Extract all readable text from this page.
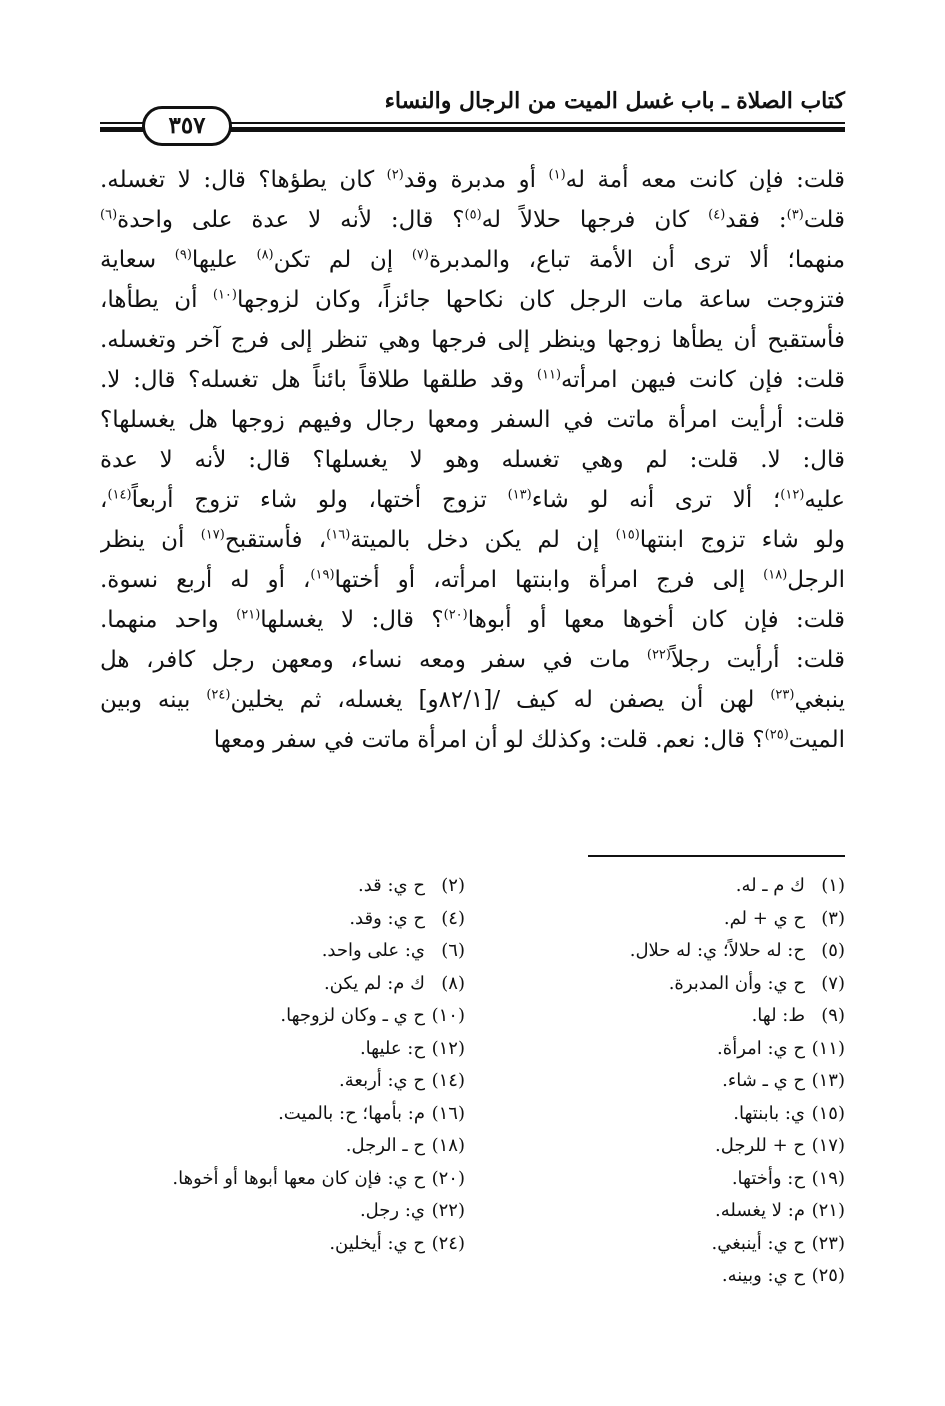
كتاب الصلاة ـ باب غسل الميت من الرجال والنساء
٣٥٧
قلت: فإن كانت معه أمة له$^{(١)}$ أو مدبرة وقد$^{(٢)}$ كان يطؤها؟ قال: لا تغسله.
قلت$^{(٣)}$: فقد$^{(٤)}$ كان فرجها حلالاً له$^{(٥)}$؟ قال: لأنه لا عدة على واحدة$^{(٦)}$
منهما؛ ألا ترى أن الأمة تباع، والمدبرة$^{(٧)}$ إن لم تكن$^{(٨)}$ عليها$^{(٩)}$ سعاية
فتزوجت ساعة مات الرجل كان نكاحها جائزاً، وكان لزوجها$^{(١٠)}$ أن يطأها،
فأستقبح أن يطأها زوجها وينظر إلى فرجها وهي تنظر إلى فرج آخر وتغسله.
قلت: فإن كانت فيهن امرأته$^{(١١)}$ وقد طلقها طلاقاً بائناً هل تغسله؟ قال: لا.
قلت: أرأيت امرأة ماتت في السفر ومعها رجال وفيهم زوجها هل يغسلها؟
قال: لا. قلت: لم وهي تغسله وهو لا يغسلها؟ قال: لأنه لا عدة
عليه$^{(١٢)}$؛ ألا ترى أنه لو شاء$^{(١٣)}$ تزوج أختها، ولو شاء تزوج أربعاً$^{(١٤)}$،
ولو شاء تزوج ابنتها$^{(١٥)}$ إن لم يكن دخل بالميتة$^{(١٦)}$، فأستقبح$^{(١٧)}$ أن ينظر
الرجل$^{(١٨)}$ إلى فرج امرأة وابنتها امرأته، أو أختها$^{(١٩)}$، أو له أربع نسوة.
قلت: فإن كان أخوها معها أو أبوها$^{(٢٠)}$؟ قال: لا يغسلها$^{(٢١)}$ واحد منهما.
قلت: أرأيت رجلاً$^{(٢٢)}$ مات في سفر ومعه نساء، ومعهن رجل كافر، هل
ينبغي$^{(٢٣)}$ لهن أن يصفن له كيف /[٨٢/١و] يغسله، ثم يخلين$^{(٢٤)}$ بينه وبين
الميت$^{(٢٥)}$؟ قال: نعم. قلت: وكذلك لو أن امرأة ماتت في سفر ومعها
(١)ك م ـ له.
(٣)ح ي + لم.
(٥)ح: له حلالاً؛ ي: له حلال.
(٧)ح ي: وأن المدبرة.
(٩)ط: لها.
(١١)ح ي: امرأة.
(١٣)ح ي ـ شاء.
(١٥)ي: بابنتها.
(١٧)ح + للرجل.
(١٩)ح: وأختها.
(٢١)م: لا يغسله.
(٢٣)ح ي: أينبغي.
(٢٥)ح ي: وبينه.
(٢)ح ي: قد.
(٤)ح ي: وقد.
(٦)ي: على واحد.
(٨)ك م: لم يكن.
(١٠)ح ي ـ وكان لزوجها.
(١٢)ح: عليها.
(١٤)ح ي: أربعة.
(١٦)م: بأمها؛ ح: بالميت.
(١٨)ح ـ الرجل.
(٢٠)ح ي: فإن كان معها أبوها أو أخوها.
(٢٢)ي: رجل.
(٢٤)ح ي: أيخلين.
